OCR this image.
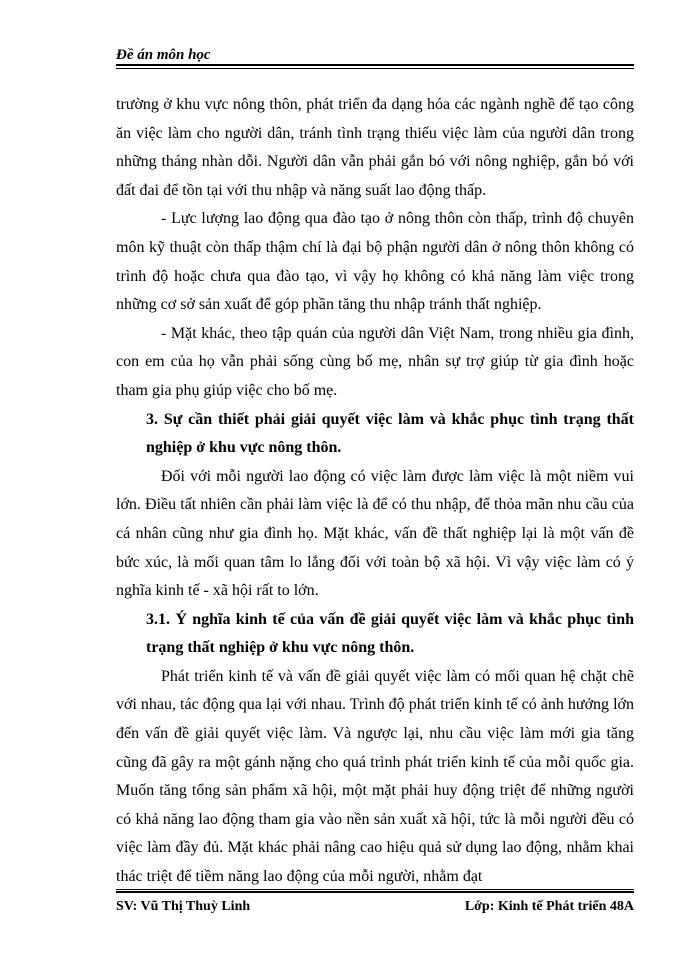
Đề án môn học

trường ở khu vực nông thôn, phát triển đa dạng hóa các ngành nghề để tạo công ăn việc làm cho người dân, tránh tình trạng thiếu việc làm của người dân trong những tháng nhàn dỗi. Người dân vẫn phải gắn bó với nông nghiệp, gắn bó với đất đai để tồn tại với thu nhập và năng suất lao động thấp.

- Lực lượng lao động qua đào tạo ở nông thôn còn thấp, trình độ chuyên môn kỹ thuật còn thấp thậm chí là đại bộ phận người dân ở nông thôn không có trình độ hoặc chưa qua đào tạo, vì vậy họ không có khả năng làm việc trong những cơ sở sản xuất để góp phần tăng thu nhập tránh thất nghiệp.

- Mặt khác, theo tập quán của người dân Việt Nam, trong nhiều gia đình, con em của họ vẫn phải sống cùng bố mẹ, nhân sự trợ giúp từ gia đình hoặc tham gia phụ giúp việc cho bố mẹ.

3. Sự cần thiết phải giải quyết việc làm và khắc phục tình trạng thất nghiệp ở khu vực nông thôn.

Đối với mỗi người lao động có việc làm được làm việc là một niềm vui lớn. Điều tất nhiên cần phải làm việc là để có thu nhập, để thỏa mãn nhu cầu của cá nhân cũng như gia đình họ. Mặt khác, vấn đề thất nghiệp lại là một vấn đề bức xúc, là mối quan tâm lo lắng đối với toàn bộ xã hội. Vì vậy việc làm có ý nghĩa kinh tế - xã hội rất to lớn.

3.1. Ý nghĩa kinh tế của vấn đề giải quyết việc làm và khắc phục tình trạng thất nghiệp ở khu vực nông thôn.

Phát triển kinh tế và vấn đề giải quyết việc làm có mối quan hệ chặt chẽ với nhau, tác động qua lại với nhau. Trình độ phát triển kinh tế có ảnh hưởng lớn đến vấn đề giải quyết việc làm. Và ngược lại, nhu cầu việc làm mới gia tăng cũng đã gây ra một gánh nặng cho quá trình phát triển kinh tế của mỗi quốc gia. Muốn tăng tổng sản phẩm xã hội, một mặt phải huy động triệt để những người có khả năng lao động tham gia vào nền sản xuất xã hội, tức là mỗi người đều có việc làm đầy đủ. Mặt khác phải nâng cao hiệu quả sử dụng lao động, nhằm khai thác triệt để tiềm năng lao động của mỗi người, nhằm đạt

SV: Vũ Thị Thuỳ Linh	Lớp: Kinh tế Phát triển 48A
